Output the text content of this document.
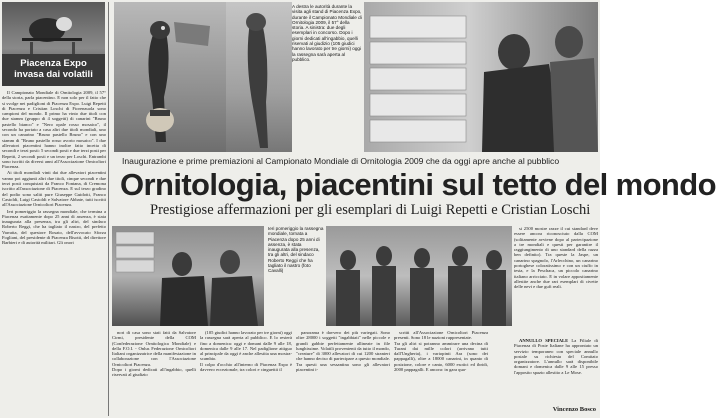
Piacenza Expo
invasa dai volatili

Il Campionato Mondiale di Ornitologia 2009, il 57° della storia, parla piacentino. E non solo per il fatto che si svolge nei padiglioni di Piacenza Expo. Luigi Repetti di Piacenza e Cristian Loschi di Fiorenzuola sono campioni del mondo. Il primo ha vinto due titoli con due stamm (gruppo di 4 soggetti) di canarini "Bruno pastello bianco" e "Nero opale rosso mosaico", il secondo ha portato a casa altri due titoli mondiali, uno con un canarino "Bruno pastello Bruno" e con uno stamm di "Bruno pastello rosso avorio mosaico". I due allevatori piacentini hanno inoltre fatto incetta di secondi e terzi posti: 5 secondi posti e due terzi posti per Repetti, 2 secondi posti e un terzo per Loschi. Entrambi sono iscritti da diversi anni all'Associazione Ornicoltori Piacenza.

Ai titoli mondiali vinti dai due allevatori piacentini vanno poi aggiunti altri due titoli, cinque secondi e due terzi posti conquistati da Franco Fontana, di Cremona iscritto all'associazione di Piacenza. E sul terzo gradino del podio sono saliti pure Giuseppe Guidotti, Franco Castoldi, Luigi Castoldi e Salvatore Abbate, tutti iscritti all'Associazione Ornicoltori Piacenza.

Ieri pomeriggio la rassegna mondiale, che termina a Piacenza esattamente dopo 25 anni di assenza, è stata inaugurata alla presenza, tra gli altri, del sindaco Roberto Reggi, che ha tagliato il nastro, del prefetto Varratta, del questore Rosato, dell'avvocato Sforza Fogliani, del presidente di Piacenza Bisotti, del direttore Barbieri e di autorità militari. Gli onori

A destra le autorità durante la visita agli stand di Piacenza Expo, durante il Campionato Mondiale di Ornitologia 2009, il 57° della storia. A sinistra: due degli esemplari in concorso. Dopo i giorni dedicati all'ingabbio, quelli riservati al giudizio (105 giudici hanno lavorato per tre giorni) oggi la rassegna sarà aperta al pubblico.
Inaugurazione e prime premiazioni al Campionato Mondiale di Ornitologia 2009 che da oggi apre anche al pubblico
Ornitologia, piacentini sul tetto del mondo
Prestigiose affermazioni per gli esemplari di Luigi Repetti e Cristian Loschi
Ieri pomeriggio la rassegna mondiale, tornata a Piacenza dopo 25 anni di assenza, è stata inaugurata alla presenza, tra gli altri, del sindaco Roberto Reggi che ha tagliato il nastro (foto Cavalli)

nori di casa sono stati fatti da Salvatore Cirmi, presidente della COM (Confederazione Ornitologica Mondiale) e della F.O.I. - Onlus Federazione Ornicoltori Italiani organizzatrice della manifestazione in collaborazione con l'Associazione Ornicoltori Piacenza.
Dopo i giorni dedicati all'ingabbio, quelli riservati al giudizio

(105 giudici hanno lavorato per tre giorni) oggi la rassegna sarà aperta al pubblico. E lo resterà fino a domenica: oggi e domani dalle 9 alle 18, domenica dalle 9 alle 17. Nel padiglione attiguo al principale da oggi è anche allestita una mostra-scambio.
Il colpo d'occhio all'interno di Piacenza Expo è davvero eccezionale, tra colori e cinguettii il

panorama è davvero dei più variegati. Sono oltre 28000 i soggetti "ingabbiati" nelle piccole e grandi gabbie perfettamente allineate in file lunghissime. Volatili provenienti da tutto il mondo, "creature" di 3000 allevatori di cui 1200 stranieri che hanno deciso di partecipare a questo mondiale. Tra questi una sessantina sono gli allevatori piacentini i-

scritti all'Associazione Ornicoltori Piacenza presenti. Sono 18 le nazioni rappresentate.
Tra gli altri si potranno ammirare una decina di Turani dai mille colori (arrivano tutti dall'Ungheria), i variopinti Ara (sono dei pappagalli), oltre a 18000 canarini, in quanto di posizione, colore e canto, 6000 esotici ed ibridi, 2000 pappagalli. E ancora: in gara qua-

si 2500 mostre razze il cui standard deve essere ancora riconosciuto dalla COM (solitamente avviene dopo al partecipazione a tre mondiali e questi per garantire il raggiungimento di uno standard della razza ben definito). Tra queste la Jaspe, un canarino spagnolo, l'Arlecchino, un canarino portoghese coloratissimo e con un ciuffo in testa, e la Peschaca, un piccolo canarino italiano arricciato. E in volare appositamente allestite anche due rari esemplari di civette delle nevi e due gufi reali.

ANNULLO SPECIALE La Filiale di Piacenza di Poste Italiane ha approntato un servizio temporaneo con speciale annullo postale su richiesta del Comitato organizzatore. L'annullo sarà disponibile domani e domenica dalle 9 alle 15 presso l'apposito spazio allestito a Le Mose.

Vincenzo Bosco
